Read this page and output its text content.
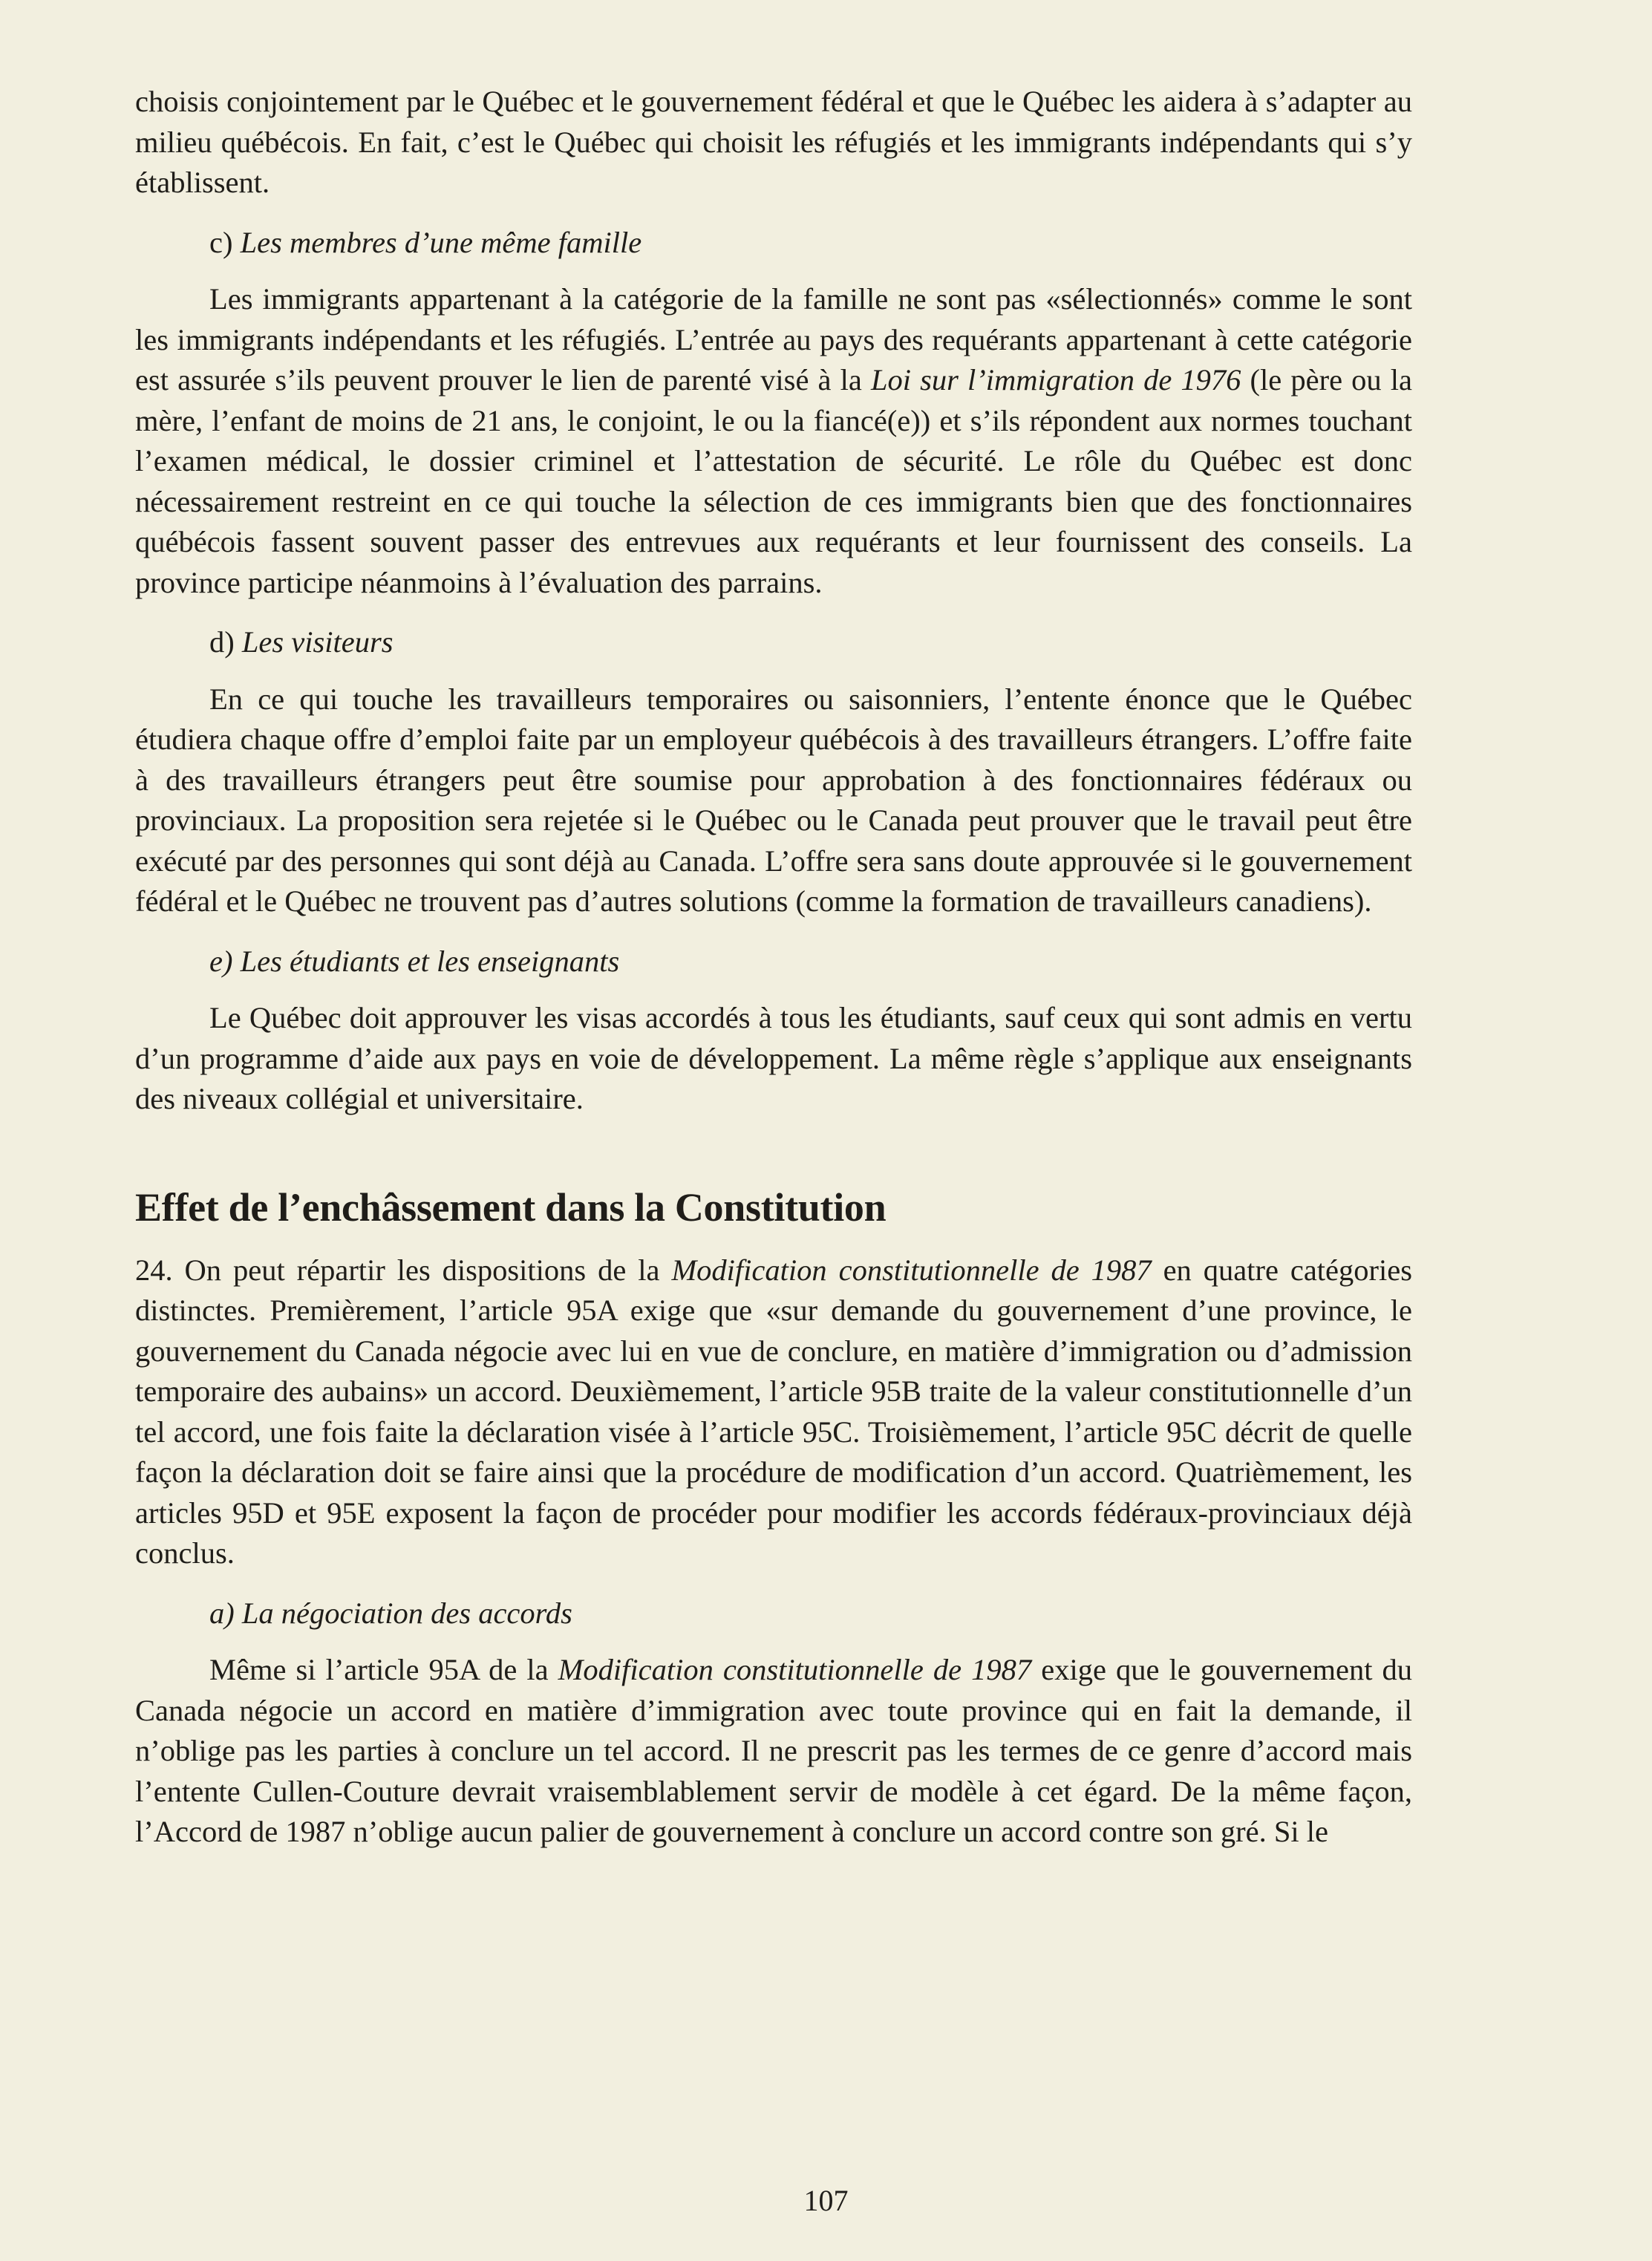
choisis conjointement par le Québec et le gouvernement fédéral et que le Québec les aidera à s’adapter au milieu québécois. En fait, c’est le Québec qui choisit les réfugiés et les immigrants indépendants qui s’y établissent.

c) Les membres d’une même famille

Les immigrants appartenant à la catégorie de la famille ne sont pas «sélectionnés» comme le sont les immigrants indépendants et les réfugiés. L’entrée au pays des requérants appartenant à cette catégorie est assurée s’ils peuvent prouver le lien de parenté visé à la Loi sur l’immigration de 1976 (le père ou la mère, l’enfant de moins de 21 ans, le conjoint, le ou la fiancé(e)) et s’ils répondent aux normes touchant l’examen médical, le dossier criminel et l’attestation de sécurité. Le rôle du Québec est donc nécessairement restreint en ce qui touche la sélection de ces immigrants bien que des fonctionnaires québécois fassent souvent passer des entrevues aux requérants et leur fournissent des conseils. La province participe néanmoins à l’évaluation des parrains.

d) Les visiteurs

En ce qui touche les travailleurs temporaires ou saisonniers, l’entente énonce que le Québec étudiera chaque offre d’emploi faite par un employeur québécois à des travailleurs étrangers. L’offre faite à des travailleurs étrangers peut être soumise pour approbation à des fonctionnaires fédéraux ou provinciaux. La proposition sera rejetée si le Québec ou le Canada peut prouver que le travail peut être exécuté par des personnes qui sont déjà au Canada. L’offre sera sans doute approuvée si le gouvernement fédéral et le Québec ne trouvent pas d’autres solutions (comme la formation de travailleurs canadiens).

e) Les étudiants et les enseignants

Le Québec doit approuver les visas accordés à tous les étudiants, sauf ceux qui sont admis en vertu d’un programme d’aide aux pays en voie de développement. La même règle s’applique aux enseignants des niveaux collégial et universitaire.

Effet de l’enchâssement dans la Constitution

24. On peut répartir les dispositions de la Modification constitutionnelle de 1987 en quatre catégories distinctes. Premièrement, l’article 95A exige que «sur demande du gouvernement d’une province, le gouvernement du Canada négocie avec lui en vue de conclure, en matière d’immigration ou d’admission temporaire des aubains» un accord. Deuxièmement, l’article 95B traite de la valeur constitutionnelle d’un tel accord, une fois faite la déclaration visée à l’article 95C. Troisièmement, l’article 95C décrit de quelle façon la déclaration doit se faire ainsi que la procédure de modification d’un accord. Quatrièmement, les articles 95D et 95E exposent la façon de procéder pour modifier les accords fédéraux-provinciaux déjà conclus.

a) La négociation des accords

Même si l’article 95A de la Modification constitutionnelle de 1987 exige que le gouvernement du Canada négocie un accord en matière d’immigration avec toute province qui en fait la demande, il n’oblige pas les parties à conclure un tel accord. Il ne prescrit pas les termes de ce genre d’accord mais l’entente Cullen-Couture devrait vraisemblablement servir de modèle à cet égard. De la même façon, l’Accord de 1987 n’oblige aucun palier de gouvernement à conclure un accord contre son gré. Si le

107
